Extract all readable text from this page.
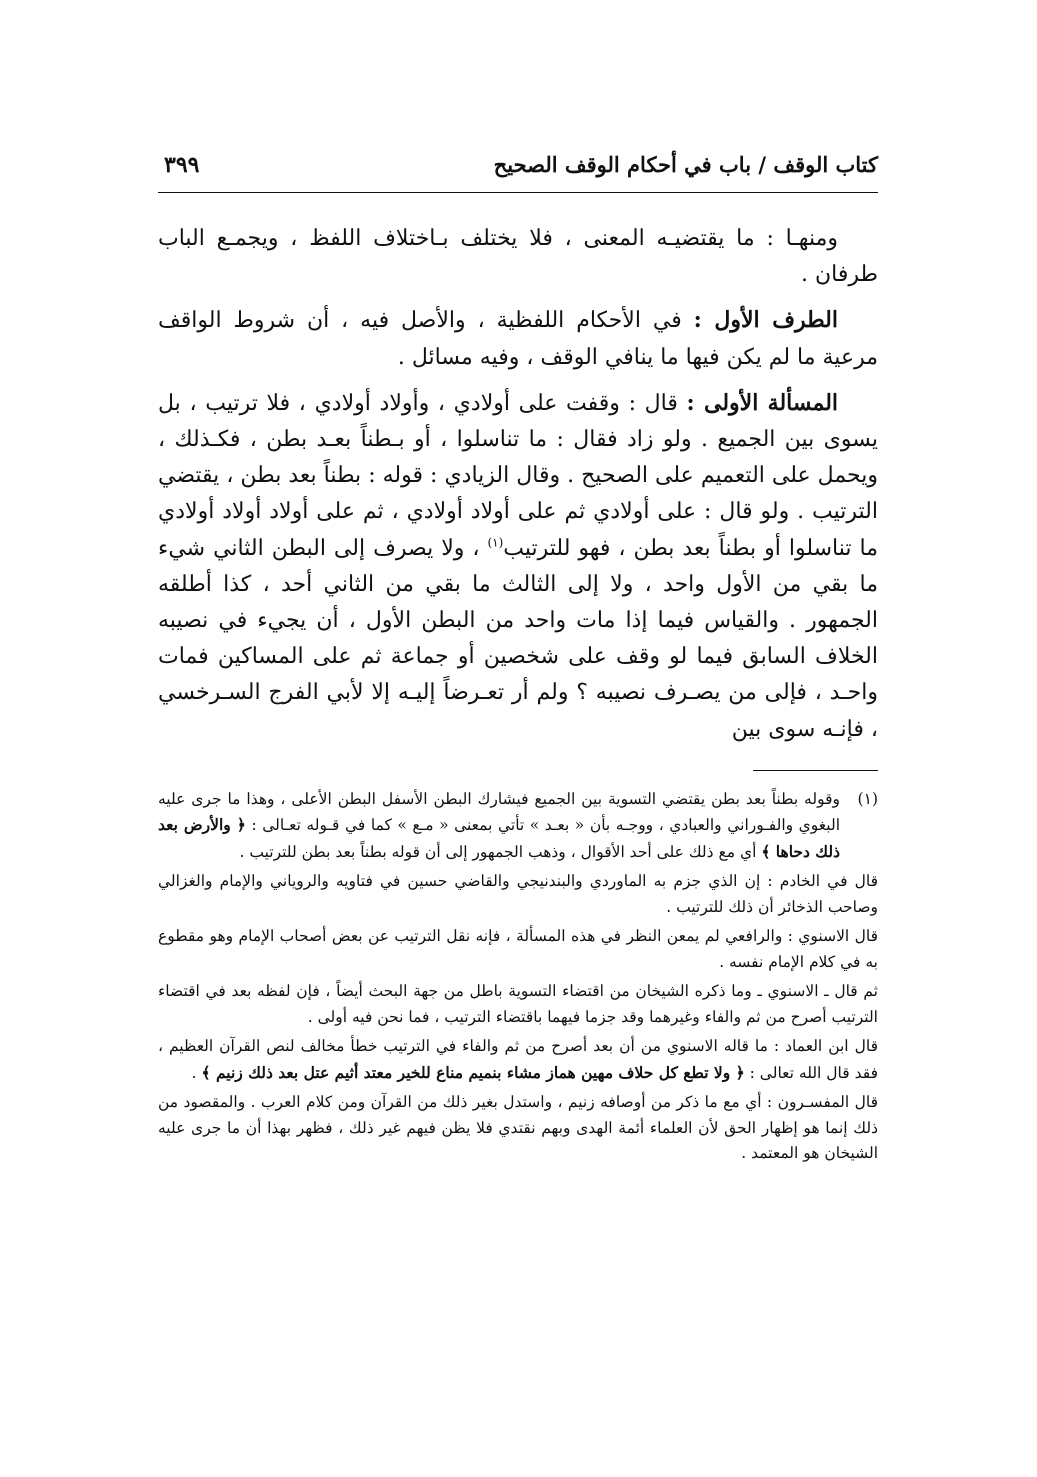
كتاب الوقف / باب في أحكام الوقف الصحيح
٣٩٩

ومنهـا : ما يقتضيـه المعنى ، فلا يختلف بـاختلاف اللفظ ، ويجمـع الباب طرفان .

الطرف الأول : في الأحكام اللفظية ، والأصل فيه ، أن شروط الواقف مرعية ما لم يكن فيها ما ينافي الوقف ، وفيه مسائل .

المسألة الأولى : قال : وقفت على أولادي ، وأولاد أولادي ، فلا ترتيب ، بل يسوى بين الجميع . ولو زاد فقال : ما تناسلوا ، أو بـطناً بعـد بطن ، فكـذلك ، ويحمل على التعميم على الصحيح . وقال الزيادي : قوله : بطناً بعد بطن ، يقتضي الترتيب . ولو قال : على أولادي ثم على أولاد أولادي ، ثم على أولاد أولاد أولادي ما تناسلوا أو بطناً بعد بطن ، فهو للترتيب$^{(١)}$ ، ولا يصرف إلى البطن الثاني شيء ما بقي من الأول واحد ، ولا إلى الثالث ما بقي من الثاني أحد ، كذا أطلقه الجمهور . والقياس فيما إذا مات واحد من البطن الأول ، أن يجيء في نصيبه الخلاف السابق فيما لو وقف على شخصين أو جماعة ثم على المساكين فمات واحـد ، فإلى من يصـرف نصيبه ؟ ولم أر تعـرضاً إليـه إلا لأبي الفرج السـرخسي ، فإنـه سوى بين

(١)
وقوله بطناً بعد بطن يقتضي التسوية بين الجميع فيشارك البطن الأسفل البطن الأعلى ، وهذا ما جرى عليه البغوي والفـوراني والعبادي ، ووجـه بأن « بعـد » تأتي بمعنى « مـع » كما في قـوله تعـالى : ﴿ والأرض بعد ذلك دحاها ﴾ أي مع ذلك على أحد الأقوال ، وذهب الجمهور إلى أن قوله بطناً بعد بطن للترتيب .

قال في الخادم : إن الذي جزم به الماوردي والبندنيجي والقاضي حسين في فتاويه والروياني والإمام والغزالي وصاحب الذخائر أن ذلك للترتيب .

قال الاسنوي : والرافعي لم يمعن النظر في هذه المسألة ، فإنه نقل الترتيب عن بعض أصحاب الإمام وهو مقطوع به في كلام الإمام نفسه .

ثم قال ـ الاسنوي ـ وما ذكره الشيخان من اقتضاء التسوية باطل من جهة البحث أيضاً ، فإن لفظه بعد في اقتضاء الترتيب أصرح من ثم والفاء وغيرهما وقد جزما فيهما باقتضاء الترتيب ، فما نحن فيه أولى .

قال ابن العماد : ما قاله الاسنوي من أن بعد أصرح من ثم والفاء في الترتيب خطأ مخالف لنص القرآن العظيم ، فقد قال الله تعالى : ﴿ ولا تطع كل حلاف مهين هماز مشاء بنميم مناع للخير معتد أثيم عتل بعد ذلك زنيم ﴾ .

قال المفسـرون : أي مع ما ذكر من أوصافه زنيم ، واستدل بغير ذلك من القرآن ومن كلام العرب . والمقصود من ذلك إنما هو إظهار الحق لأن العلماء أئمة الهدى وبهم نقتدي فلا يظن فيهم غير ذلك ، فظهر بهذا أن ما جرى عليه الشيخان هو المعتمد .
